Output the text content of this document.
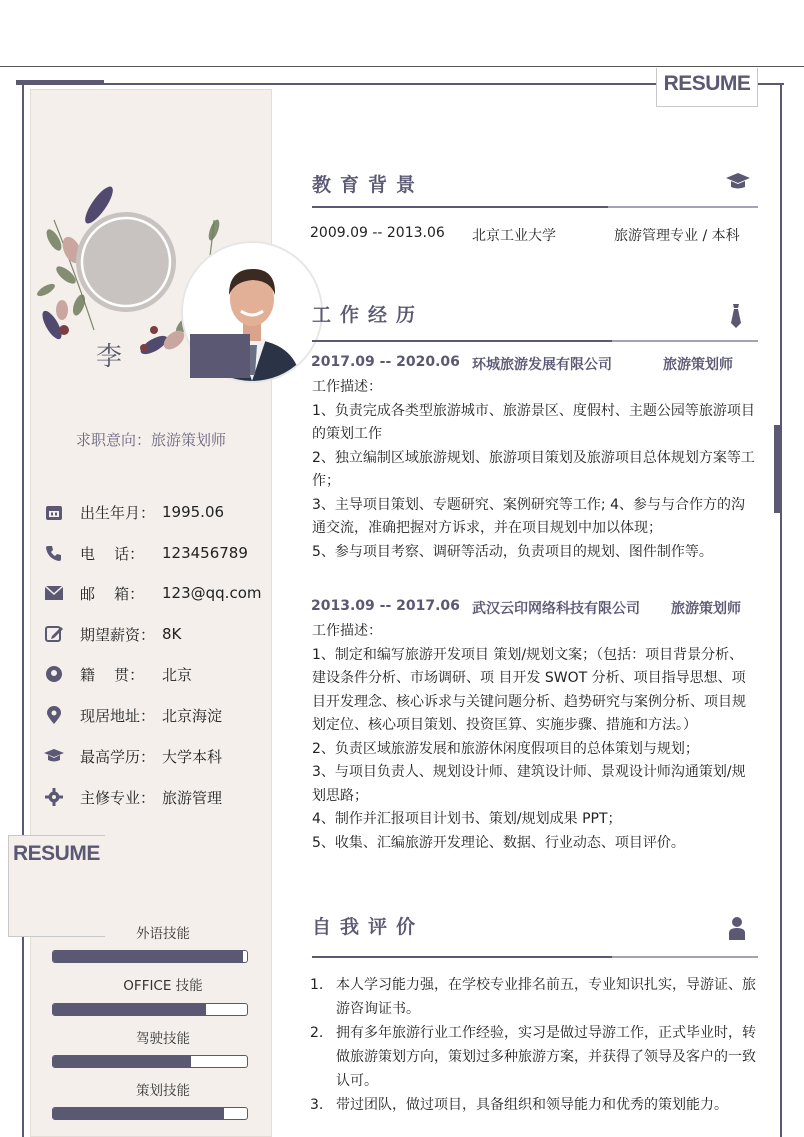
RESUME
李	毅
求职意向：旅游策划师
出生年月： 1995.06
电    话：	123456789
邮    箱：	123@qq.com
期望薪资： 8K
籍    贯：	北京
现居地址： 北京海淀
最高学历： 大学本科
主修专业： 旅游管理
RESUME
外语技能
OFFICE 技能
驾驶技能
策划技能
教育背景
2009.09 -- 2013.06 北京工业大学	旅游管理专业 / 本科
工作经历
2017.09 -- 2020.06 环城旅游发展有限公司	旅游策划师

工作描述：

1、负责完成各类型旅游城市、旅游景区、度假村、主题公园等旅游项目的策划工作

2、独立编制区域旅游规划、旅游项目策划及旅游项目总体规划方案等工作；

3、主导项目策划、专题研究、案例研究等工作; 4、参与与合作方的沟通交流，准确把握对方诉求，并在项目规划中加以体现；

5、参与项目考察、调研等活动，负责项目的规划、图件制作等。

2013.09 -- 2017.06 武汉云印网络科技有限公司 旅游策划师

工作描述：

1、制定和编写旅游开发项目 策划/规划文案；（包括：项目背景分析、建设条件分析、市场调研、项 目开发 SWOT 分析、项目指导思想、项目开发理念、核心诉求与关键问题分析、趋势研究与案例分析、项目规划定位、核心项目策划、投资匡算、实施步骤、措施和方法。）

2、负责区域旅游发展和旅游休闲度假项目的总体策划与规划；

3、与项目负责人、规划设计师、建筑设计师、景观设计师沟通策划/规划思路；

4、制作并汇报项目计划书、策划/规划成果 PPT；

5、收集、汇编旅游开发理论、数据、行业动态、项目评价。

自我评价
1. 本人学习能力强，在学校专业排名前五，专业知识扎实，导游证、旅游咨询证书。
2. 拥有多年旅游行业工作经验，实习是做过导游工作，正式毕业时，转做旅游策划方向，策划过多种旅游方案，并获得了领导及客户的一致认可。
3. 带过团队，做过项目，具备组织和领导能力和优秀的策划能力。
